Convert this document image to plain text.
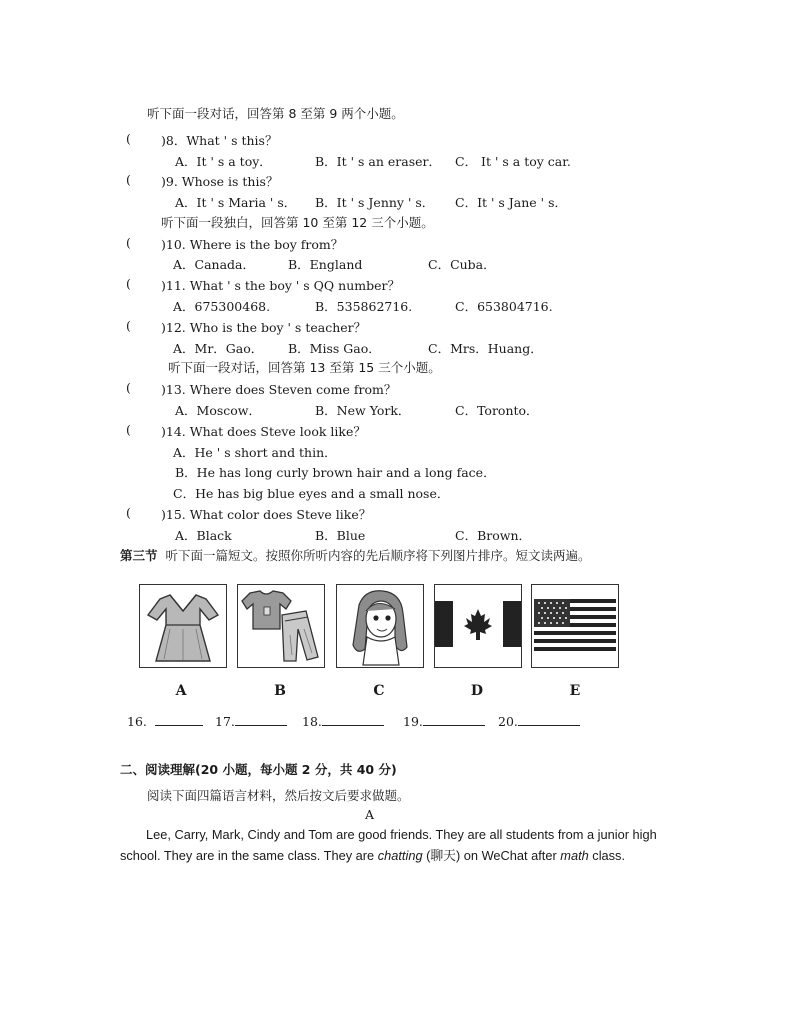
听下面一段对话，回答第 8 至第 9 两个小题。
( )8．What ' s this？
A．It ' s a toy．	B．It ' s an eraser． C． It ' s a toy car.
( )9. Whose is this？
A．It ' s Maria ' s． B．It ' s Jenny ' s． C．It ' s Jane ' s．
听下面一段独白，回答第 10 至第 12 三个小题。
( )10. Where is the boy from？
A．Canada．	B．England	C．Cuba．
( )11. What ' s the boy ' s QQ number？
A．675300468.	B．535862716.	C．653804716.
( )12. Who is the boy ' s teacher？
A．Mr．Gao． B．Miss Gao．	C．Mrs．Huang．
听下面一段对话，回答第 13 至第 15 三个小题。
( )13. Where does Steven come from？
A．Moscow．	B．New York．	C．Toronto．
( )14. What does Steve look like？
A．He ' s short and thin．
B．He has long curly brown hair and a long face．
C．He has big blue eyes and a small nose．
( )15. What color does Steve like？
A．Black	B．Blue	C．Brown．
第三节 听下面一篇短文。按照你所听内容的先后顺序将下列图片排序。短文读两遍。
A	B	C	D	E
16.	17.	18.	19.	20.
二、阅读理解(20 小题，每小题 2 分，共 40 分)
阅读下面四篇语言材料，然后按文后要求做题。
A
Lee, Carry, Mark, Cindy and Tom are good friends. They are all students from a junior high school. They are in the same class. They are chatting (聊天) on WeChat after math class.
